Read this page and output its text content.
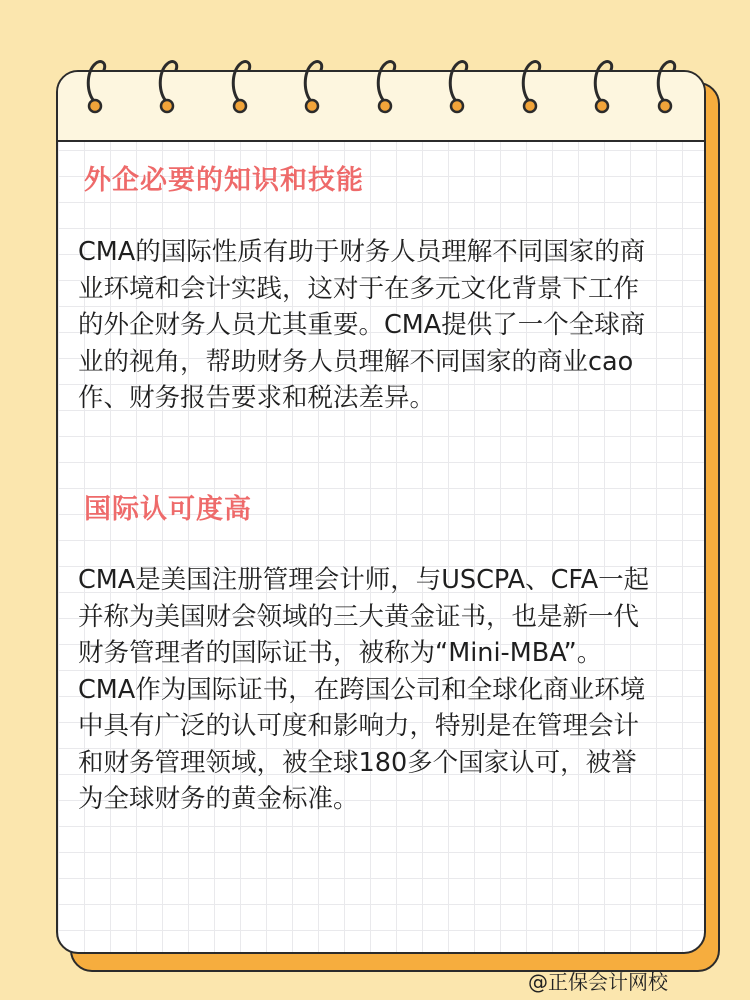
外企必要的知识和技能

CMA的国际性质有助于财务人员理解不同国家的商
业环境和会计实践，这对于在多元文化背景下工作
的外企财务人员尤其重要。CMA提供了一个全球商
业的视角，帮助财务人员理解不同国家的商业cao
作、财务报告要求和税法差异。

国际认可度高

CMA是美国注册管理会计师，与USCPA、CFA一起
并称为美国财会领域的三大黄金证书，也是新一代
财务管理者的国际证书，被称为“Mini-MBA”。
CMA作为国际证书，在跨国公司和全球化商业环境
中具有广泛的认可度和影响力，特别是在管理会计
和财务管理领域，被全球180多个国家认可，被誉
为全球财务的黄金标准。

@正保会计网校
